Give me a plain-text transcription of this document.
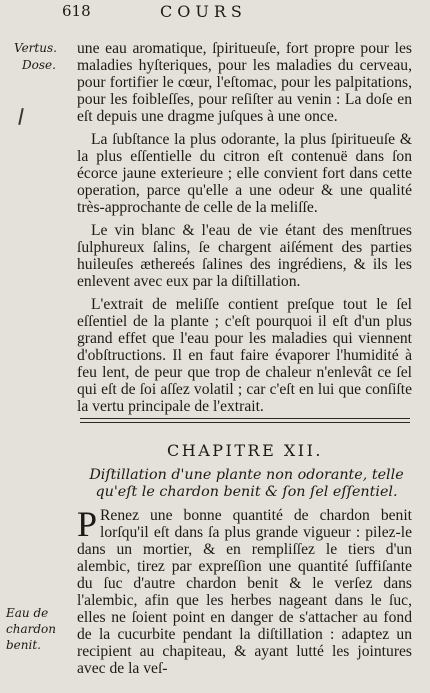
618	COURS
Vertus.
Dose.

une eau aromatique, ſpiritueuſe, fort propre pour les maladies hyſteriques, pour les maladies du cerveau, pour fortifier le cœur, l'eſtomac, pour les palpitations, pour les foibleſſes, pour reſiſter au venin : La doſe en eſt depuis une dragme juſques à une once.

La ſubſtance la plus odorante, la plus ſpiritueuſe & la plus eſſentielle du citron eſt contenuë dans ſon écorce jaune exterieure ; elle convient fort dans cette operation, parce qu'elle a une odeur & une qualité très-approchante de celle de la meliſſe.

Le vin blanc & l'eau de vie étant des menſtrues ſulphureux ſalins, ſe chargent aiſément des parties huileuſes æthereés ſalines des ingrédiens, & ils les enlevent avec eux par la diſtillation.

L'extrait de meliſſe contient preſque tout le ſel eſſentiel de la plante ; c'eſt pourquoi il eſt d'un plus grand effet que l'eau pour les maladies qui viennent d'obſtructions. Il en faut faire évaporer l'humidité à feu lent, de peur que trop de chaleur n'enlevât ce ſel qui eſt de ſoi aſſez volatil ; car c'eſt en lui que conſiſte la vertu principale de l'extrait.

CHAPITRE XII.
Diſtillation d'une plante non odorante, telle qu'eſt le chardon benit & ſon ſel eſſentiel.
P Renez une bonne quantité de chardon benit lorſqu'il eſt dans ſa plus grande vigueur : pilez-le dans un mortier, & en rempliſſez le tiers d'un alembic, tirez par expreſſion une quantité ſuffiſante du ſuc d'autre chardon benit & le verſez dans l'alembic, afin que les herbes nageant dans le ſuc, elles ne ſoient point en danger de s'attacher au fond de la cucurbite pendant la diſtillation : adaptez un recipient au chapiteau, & ayant lutté les jointures avec de la veſ-
Eau de
chardon
benit.
